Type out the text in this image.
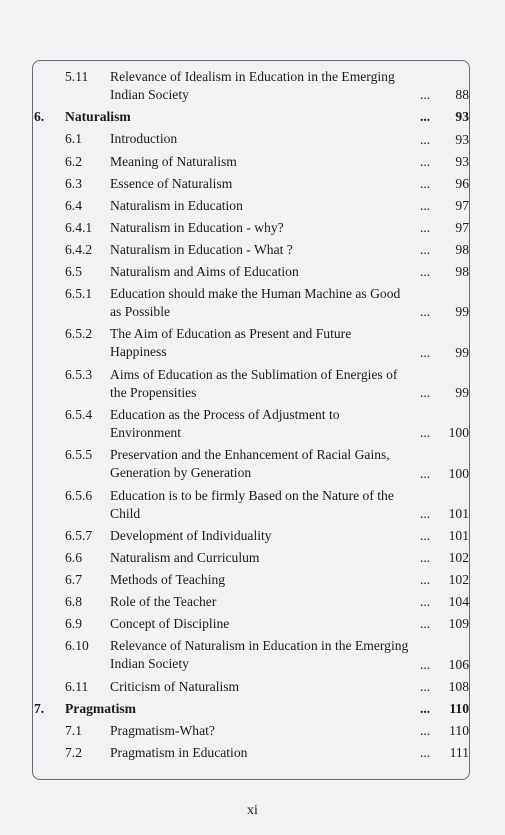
5.11 Relevance of Idealism in Education in the Emerging Indian Society	... 88
6. Naturalism	... 93
6.1 Introduction	... 93
6.2 Meaning of Naturalism	... 93
6.3 Essence of Naturalism	... 96
6.4 Naturalism in Education	... 97
6.4.1 Naturalism in Education - why?	... 97
6.4.2 Naturalism in Education - What ?	... 98
6.5 Naturalism and Aims of Education	... 98
6.5.1 Education should make the Human Machine as Good as Possible	... 99
6.5.2 The Aim of Education as Present and Future Happiness	... 99
6.5.3 Aims of Education as the Sublimation of Energies of the Propensities	... 99
6.5.4 Education as the Process of Adjustment to Environment	... 100
6.5.5 Preservation and the Enhancement of Racial Gains, Generation by Generation	... 100
6.5.6 Education is to be firmly Based on the Nature of the Child	... 101
6.5.7 Development of Individuality	... 101
6.6 Naturalism and Curriculum	... 102
6.7 Methods of Teaching	... 102
6.8 Role of the Teacher	... 104
6.9 Concept of Discipline	... 109
6.10 Relevance of Naturalism in Education in the Emerging Indian Society	... 106
6.11 Criticism of Naturalism	... 108
7. Pragmatism	... 110
7.1 Pragmatism-What?	... 110
7.2 Pragmatism in Education	... 111
xi
